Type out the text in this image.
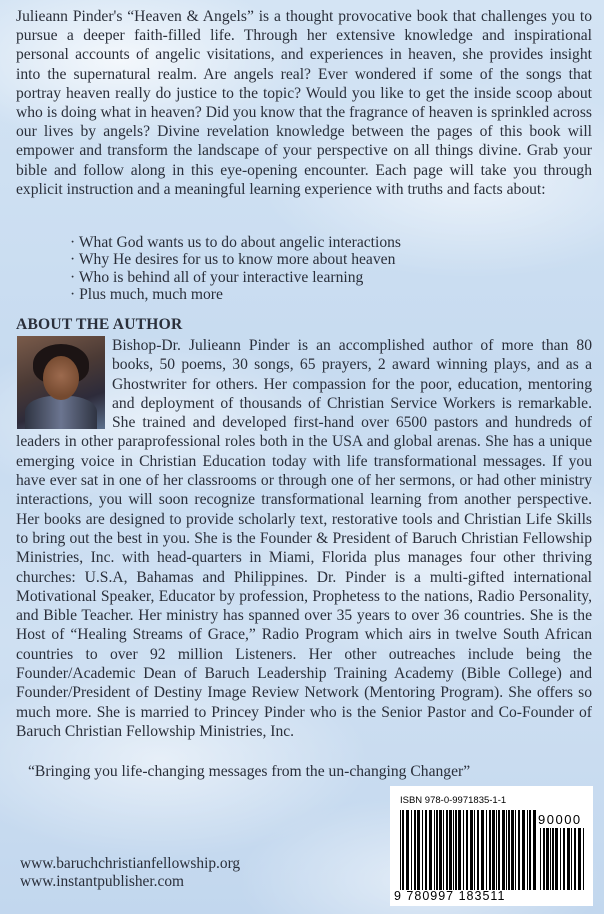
Julieann Pinder's “Heaven & Angels” is a thought provocative book that challenges you to pursue a deeper faith-filled life. Through her extensive knowledge and inspirational personal accounts of angelic visitations, and experiences in heaven, she provides insight into the supernatural realm. Are angels real? Ever wondered if some of the songs that portray heaven really do justice to the topic? Would you like to get the inside scoop about who is doing what in heaven? Did you know that the fragrance of heaven is sprinkled across our lives by angels? Divine revelation knowledge between the pages of this book will empower and transform the landscape of your perspective on all things divine. Grab your bible and follow along in this eye-opening encounter. Each page will take you through explicit instruction and a meaningful learning experience with truths and facts about:

· What God wants us to do about angelic interactions
· Why He desires for us to know more about heaven
· Who is behind all of your interactive learning
· Plus much, much more
ABOUT THE AUTHOR

Bishop-Dr. Julieann Pinder is an accomplished author of more than 80 books, 50 poems, 30 songs, 65 prayers, 2 award winning plays, and as a Ghostwriter for others. Her compassion for the poor, education, mentoring and deployment of thousands of Christian Service Workers is remarkable. She trained and developed first-hand over 6500 pastors and hundreds of leaders in other paraprofessional roles both in the USA and global arenas. She has a unique emerging voice in Christian Education today with life transformational messages. If you have ever sat in one of her classrooms or through one of her sermons, or had other ministry interactions, you will soon recognize transformational learning from another perspective. Her books are designed to provide scholarly text, restorative tools and Christian Life Skills to bring out the best in you. She is the Founder & President of Baruch Christian Fellowship Ministries, Inc. with head-quarters in Miami, Florida plus manages four other thriving churches: U.S.A, Bahamas and Philippines. Dr. Pinder is a multi-gifted international Motivational Speaker, Educator by profession, Prophetess to the nations, Radio Personality, and Bible Teacher. Her ministry has spanned over 35 years to over 36 countries. She is the Host of “Healing Streams of Grace,” Radio Program which airs in twelve South African countries to over 92 million Listeners. Her other outreaches include being the Founder/Academic Dean of Baruch Leadership Training Academy (Bible College) and Founder/President of Destiny Image Review Network (Mentoring Program). She offers so much more. She is married to Princey Pinder who is the Senior Pastor and Co-Founder of Baruch Christian Fellowship Ministries, Inc.

“Bringing you life-changing messages from the un-changing Changer”

www.baruchchristianfellowship.org
www.instantpublisher.com
ISBN 978-0-9971835-1-1
90000
9 780997 183511
